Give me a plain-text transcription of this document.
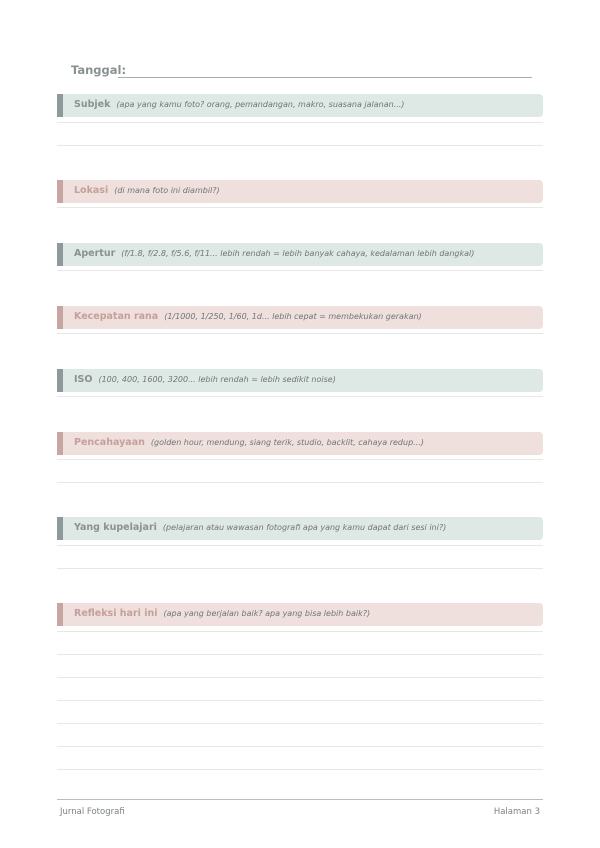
Tanggal:
Subjek (apa yang kamu foto? orang, pemandangan, makro, suasana jalanan...)
Lokasi (di mana foto ini diambil?)
Apertur (f/1.8, f/2.8, f/5.6, f/11... lebih rendah = lebih banyak cahaya, kedalaman lebih dangkal)
Kecepatan rana (1/1000, 1/250, 1/60, 1d... lebih cepat = membekukan gerakan)
ISO (100, 400, 1600, 3200... lebih rendah = lebih sedikit noise)
Pencahayaan (golden hour, mendung, siang terik, studio, backlit, cahaya redup...)
Yang kupelajari (pelajaran atau wawasan fotografi apa yang kamu dapat dari sesi ini?)
Refleksi hari ini (apa yang berjalan baik? apa yang bisa lebih baik?)
Jurnal Fotografi	Halaman 3
